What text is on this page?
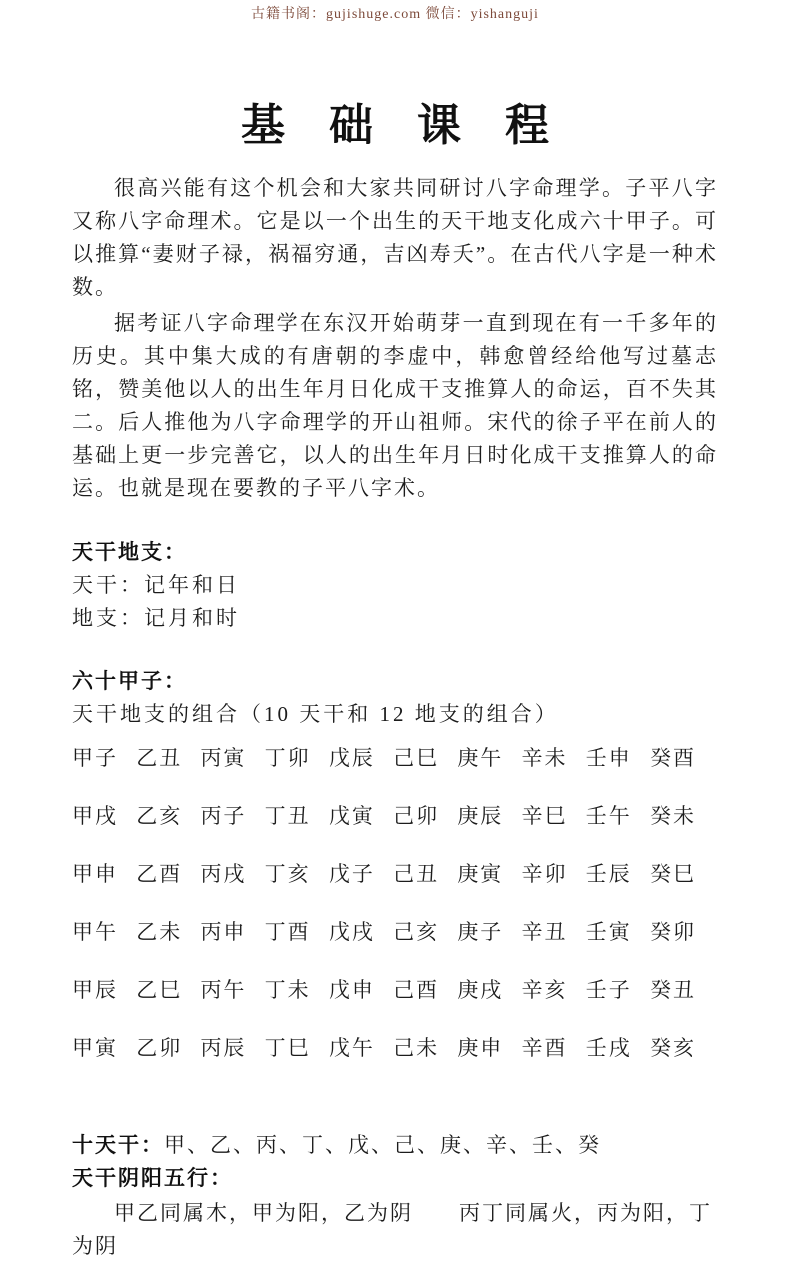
古籍书阁：gujishuge.com 微信：yishanguji
基　础　课　程

很高兴能有这个机会和大家共同研讨八字命理学。子平八字又称八字命理术。它是以一个出生的天干地支化成六十甲子。可以推算“妻财子禄，祸福穷通，吉凶寿夭”。在古代八字是一种术数。

据考证八字命理学在东汉开始萌芽一直到现在有一千多年的历史。其中集大成的有唐朝的李虚中，韩愈曾经给他写过墓志铭，赞美他以人的出生年月日化成干支推算人的命运，百不失其二。后人推他为八字命理学的开山祖师。宋代的徐子平在前人的基础上更一步完善它，以人的出生年月日时化成干支推算人的命运。也就是现在要教的子平八字术。

天干地支：

天干：记年和日

地支：记月和时

六十甲子：

天干地支的组合（10 天干和 12 地支的组合）

甲子 乙丑 丙寅 丁卯 戊辰 己巳 庚午 辛未 壬申 癸酉
甲戌 乙亥 丙子 丁丑 戊寅 己卯 庚辰 辛巳 壬午 癸未
甲申 乙酉 丙戌 丁亥 戊子 己丑 庚寅 辛卯 壬辰 癸巳
甲午 乙未 丙申 丁酉 戊戌 己亥 庚子 辛丑 壬寅 癸卯
甲辰 乙巳 丙午 丁未 戊申 己酉 庚戌 辛亥 壬子 癸丑
甲寅 乙卯 丙辰 丁巳 戊午 己未 庚申 辛酉 壬戌 癸亥

十天干：甲、乙、丙、丁、戊、己、庚、辛、壬、癸

天干阴阳五行：

甲乙同属木，甲为阳，乙为阴　　丙丁同属火，丙为阳，丁为阴
